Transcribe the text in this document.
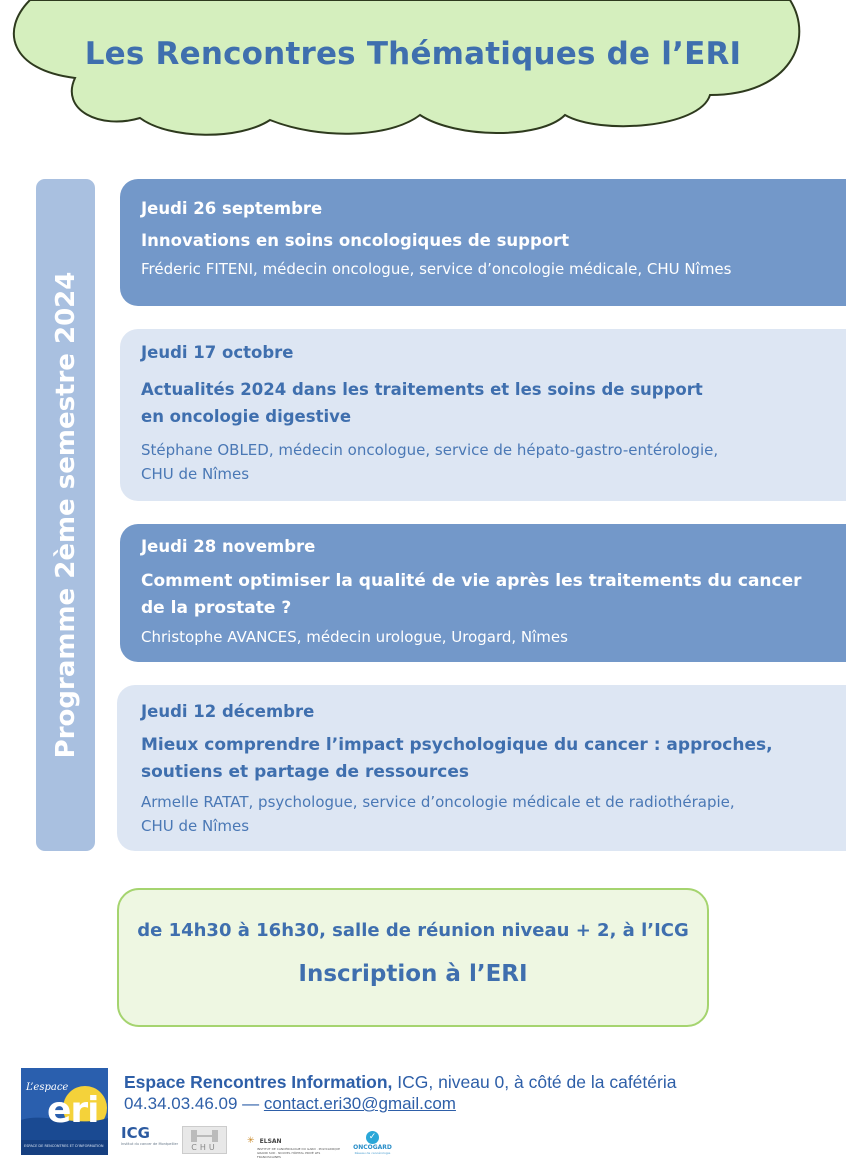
Les Rencontres Thématiques de l’ERI
Programme 2ème semestre 2024
Jeudi 26 septembre
Innovations en soins oncologiques de support
Fréderic FITENI, médecin oncologue, service d’oncologie médicale, CHU Nîmes
Jeudi 17 octobre
Actualités 2024 dans les traitements et les soins de support
en oncologie digestive
Stéphane OBLED, médecin oncologue, service de hépato-gastro-entérologie,
CHU de Nîmes
Jeudi 28 novembre
Comment optimiser la qualité de vie après les traitements du cancer
de la prostate ?
Christophe AVANCES, médecin urologue, Urogard, Nîmes
Jeudi 12 décembre
Mieux comprendre l’impact psychologique du cancer : approches,
soutiens et partage de ressources
Armelle RATAT, psychologue, service d’oncologie médicale et de radiothérapie,
CHU de Nîmes
de 14h30 à 16h30, salle de réunion niveau + 2, à l’ICG
Inscription à l’ERI
L’espace
eri
ESPACE DE RENCONTRES ET D’INFORMATION
Espace Rencontres Information, ICG, niveau 0, à côté de la cafétéria
04.34.03.46.09 — contact.eri30@gmail.com
ICG
Institut du cancer de Montpellier	CHU
✳ ELSAN
INSTITUT DE CANCÉROLOGIE DU GARD · POLYCLINIQUE GRAND SUD · NOUVEL HÔPITAL PRIVÉ LES FRANCISCAINES
✓
ONCOGARD
Réseau de cancérologie
